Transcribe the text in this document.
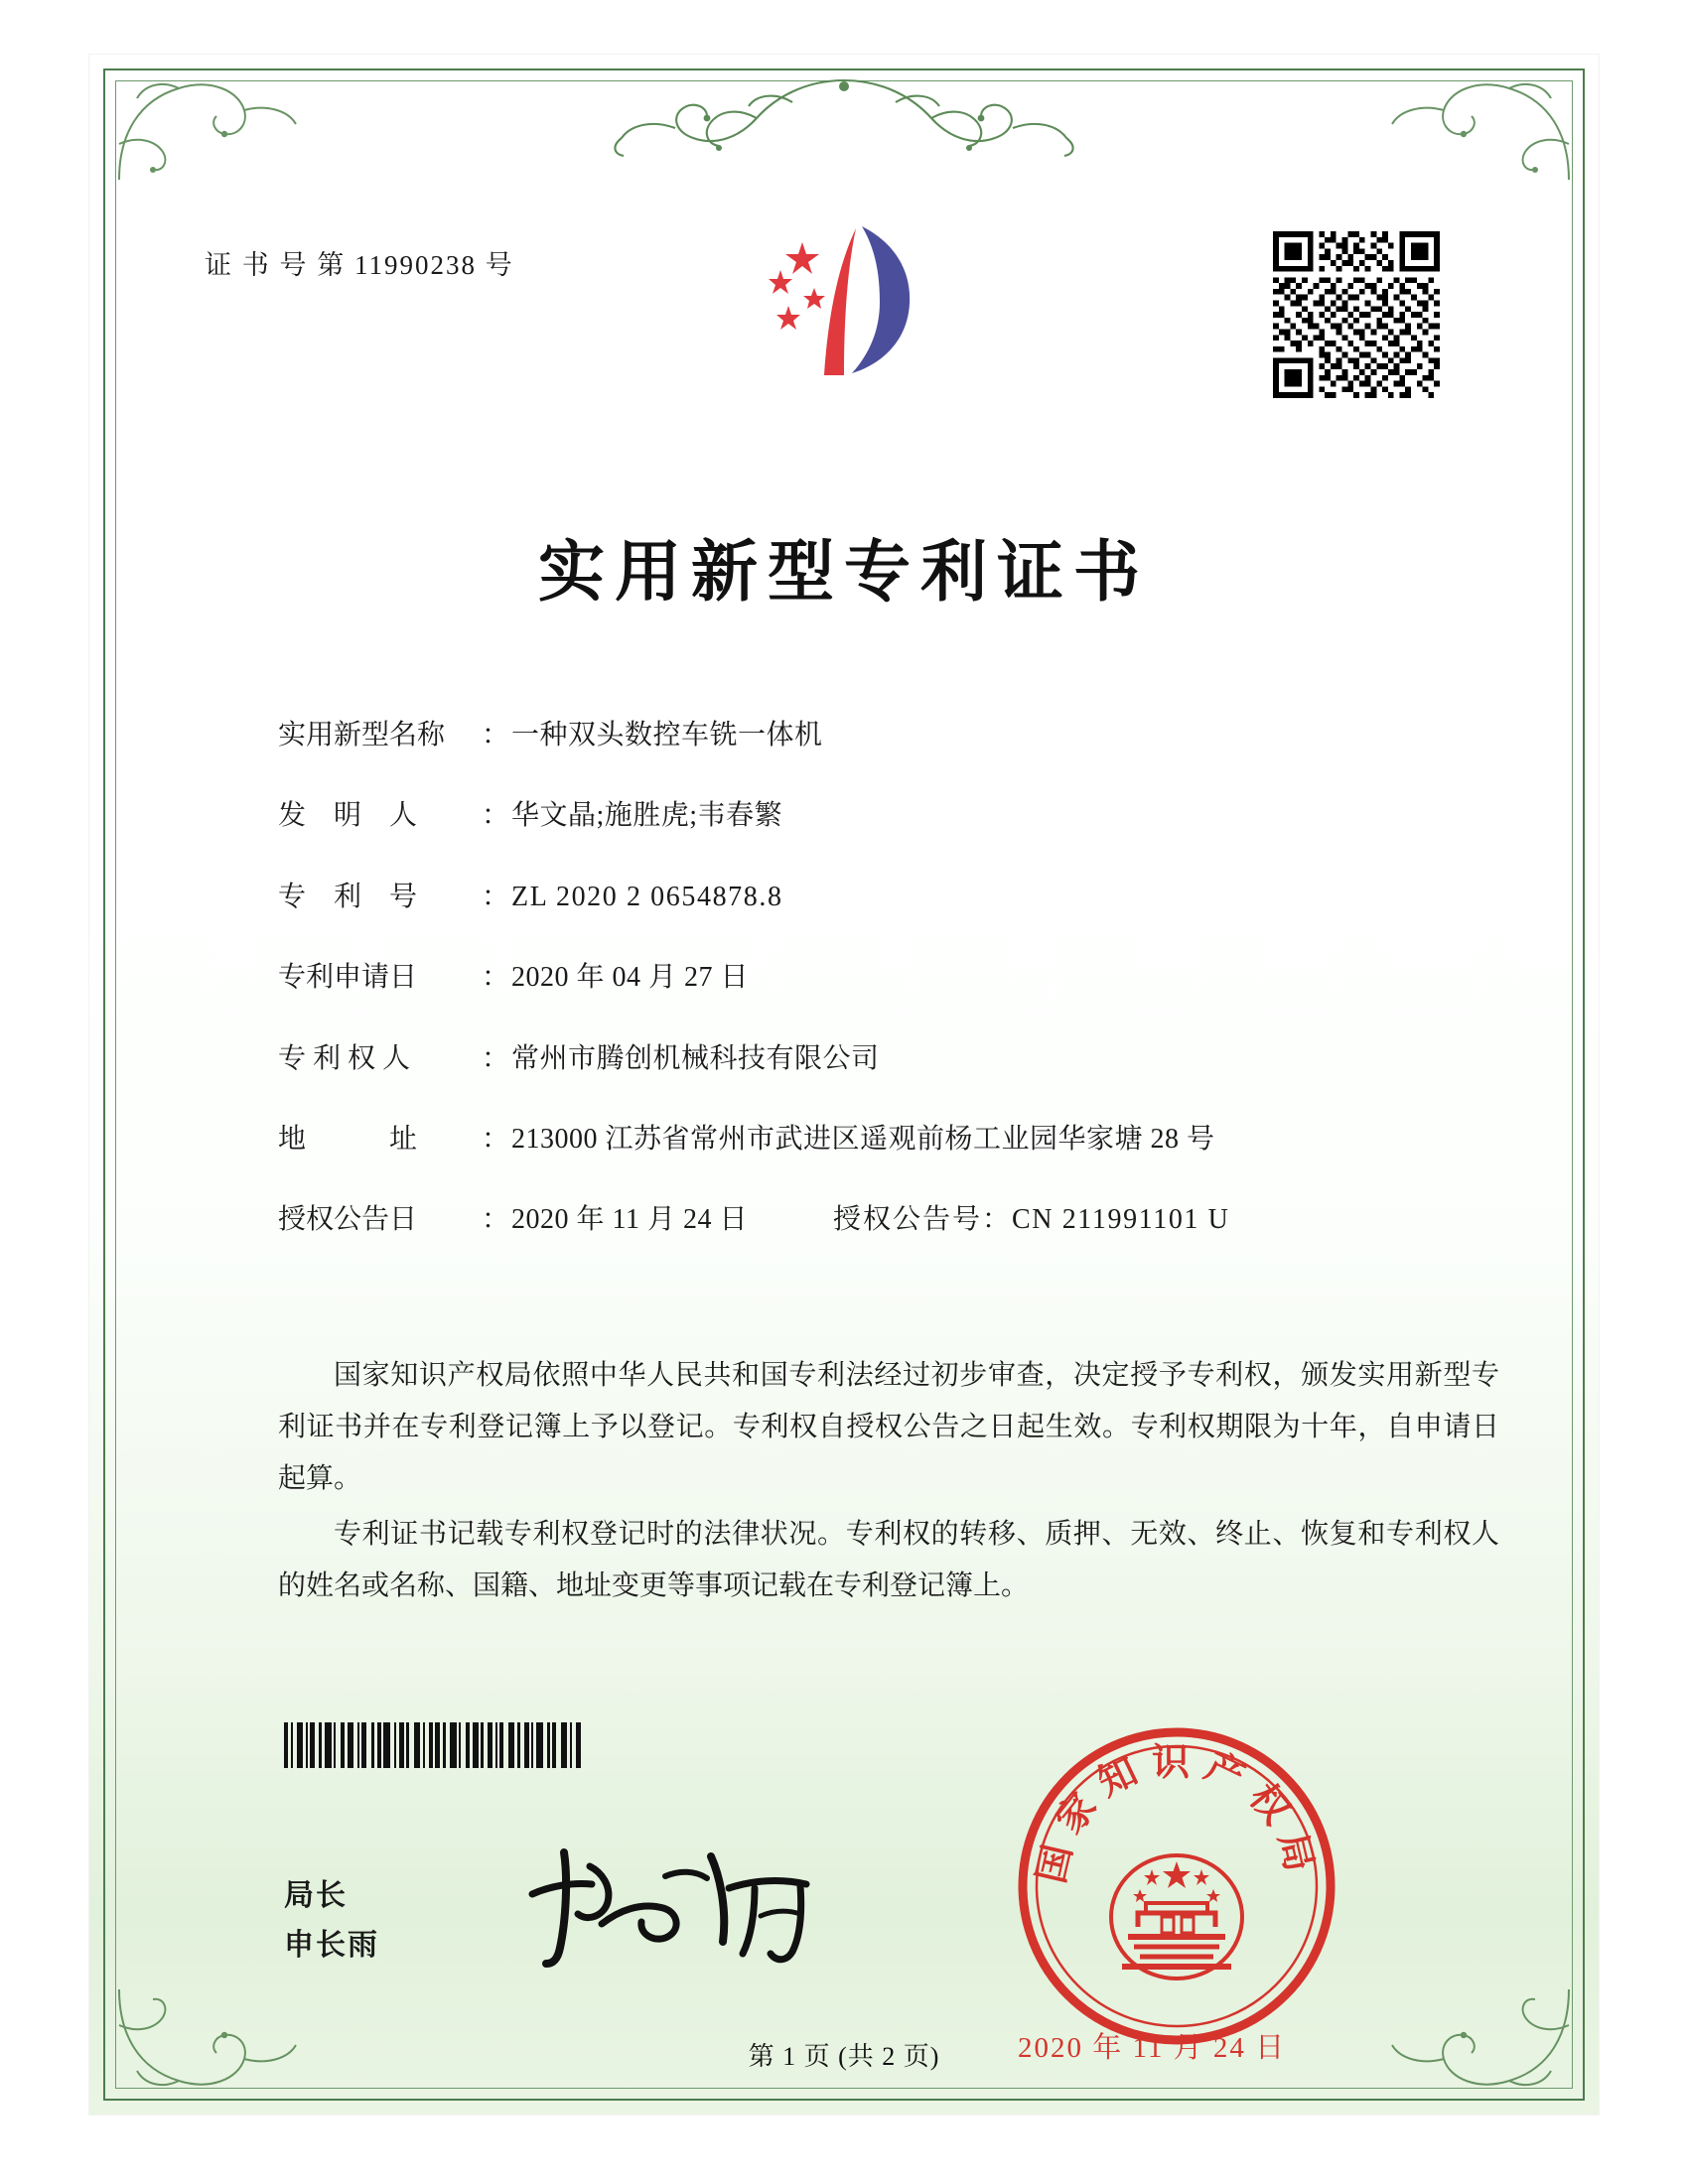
证 书 号 第 11990238 号
实用新型专利证书
实用新型名称	： 一种双头数控车铣一体机
发　明　人	： 华文晶;施胜虎;韦春繁
专　利　号	： ZL 2020 2 0654878.8
专利申请日	： 2020 年 04 月 27 日
专 利 权 人	： 常州市腾创机械科技有限公司
地　　　址	： 213000 江苏省常州市武进区遥观前杨工业园华家塘 28 号
授权公告日	： 2020 年 11 月 24 日	授权公告号 ： CN 211991101 U

国家知识产权局依照中华人民共和国专利法经过初步审查，决定授予专利权，颁发实用新型专利证书并在专利登记簿上予以登记。专利权自授权公告之日起生效。专利权期限为十年，自申请日起算。

专利证书记载专利权登记时的法律状况。专利权的转移、质押、无效、终止、恢复和专利权人的姓名或名称、国籍、地址变更等事项记载在专利登记簿上。

局长
申长雨
国家知识产权局
2020 年 11 月 24 日
第 1 页 (共 2 页)
